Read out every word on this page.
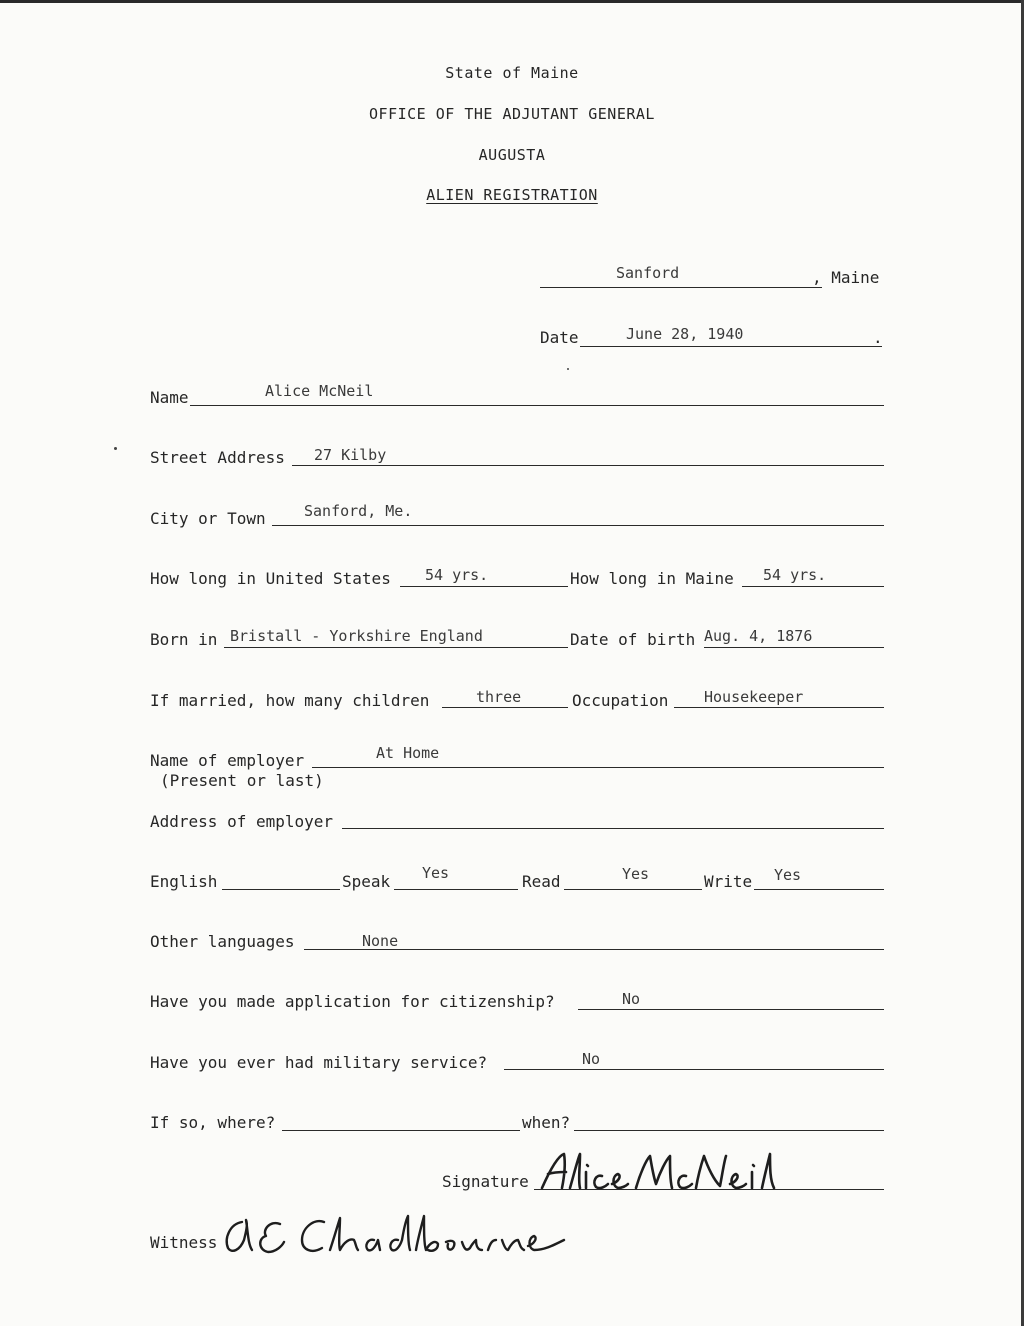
State of Maine
OFFICE OF THE ADJUTANT GENERAL
AUGUSTA
ALIEN REGISTRATION
Sanford	, Maine
Date	June 28, 1940	.
Name	Alice McNeil
Street Address 27 Kilby
City or Town	Sanford, Me.
How long in United States 54 yrs.	How long in Maine 54 yrs.
Born in Bristall - Yorkshire England	Date of birth Aug. 4, 1876
If married, how many children	three	Occupation Housekeeper
Name of employer	At Home
(Present or last)
Address of employer
English	Speak Yes	Read	Yes	Write Yes
Other languages	None
Have you made application for citizenship?	No
Have you ever had military service?	No
If so, where?	when?
Signature
Witness
